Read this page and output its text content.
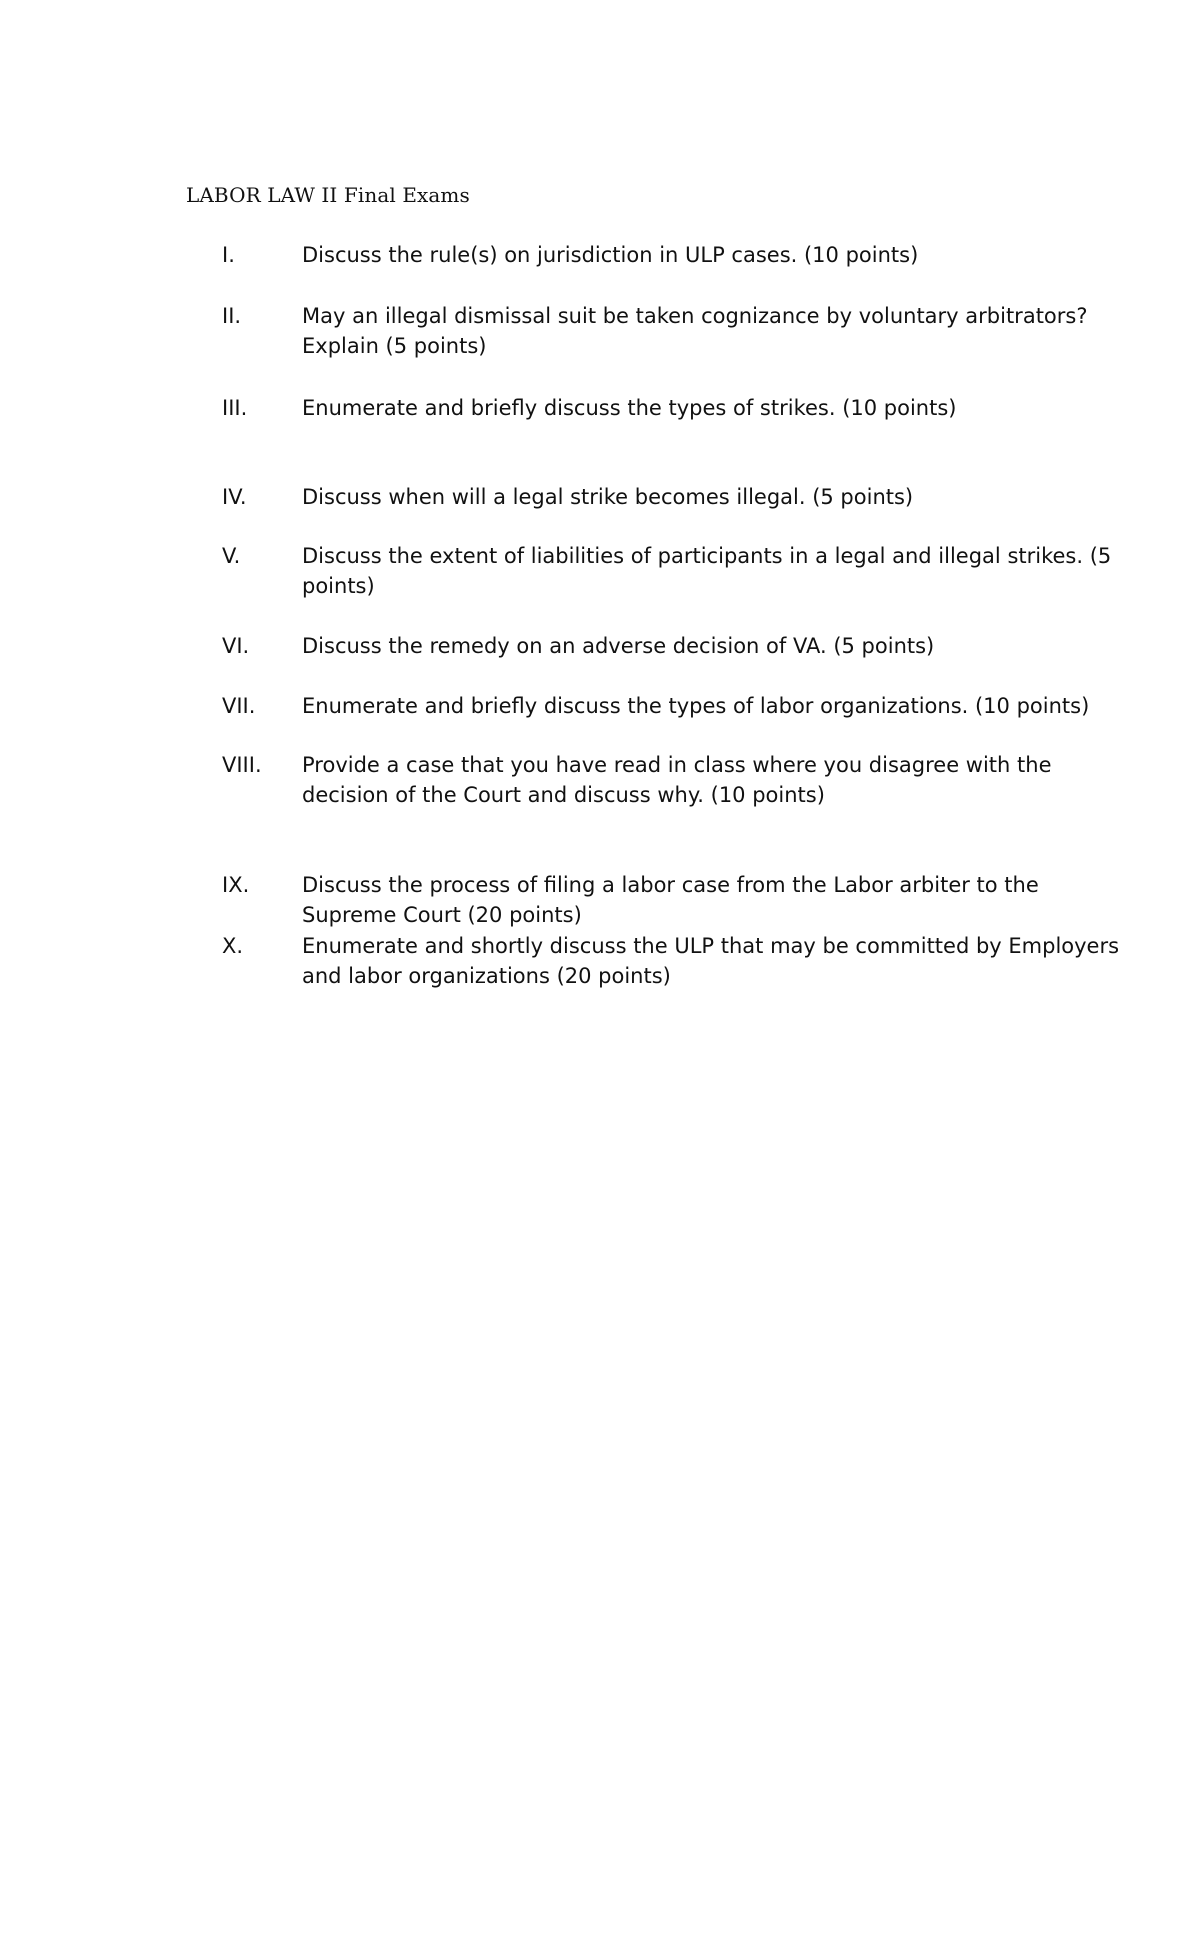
LABOR LAW II Final Exams
I.	Discuss the rule(s) on jurisdiction in ULP cases. (10 points)
II.	May an illegal dismissal suit be taken cognizance by voluntary arbitrators?
Explain (5 points)
III.	Enumerate and briefly discuss the types of strikes. (10 points)
IV.	Discuss when will a legal strike becomes illegal. (5 points)
V.	Discuss the extent of liabilities of participants in a legal and illegal strikes. (5
points)
VI.	Discuss the remedy on an adverse decision of VA. (5 points)
VII. Enumerate and briefly discuss the types of labor organizations. (10 points)
VIII. Provide a case that you have read in class where you disagree with the
decision of the Court and discuss why. (10 points)
IX.	Discuss the process of filing a labor case from the Labor arbiter to the
Supreme Court (20 points)
X.	Enumerate and shortly discuss the ULP that may be committed by Employers
and labor organizations (20 points)
